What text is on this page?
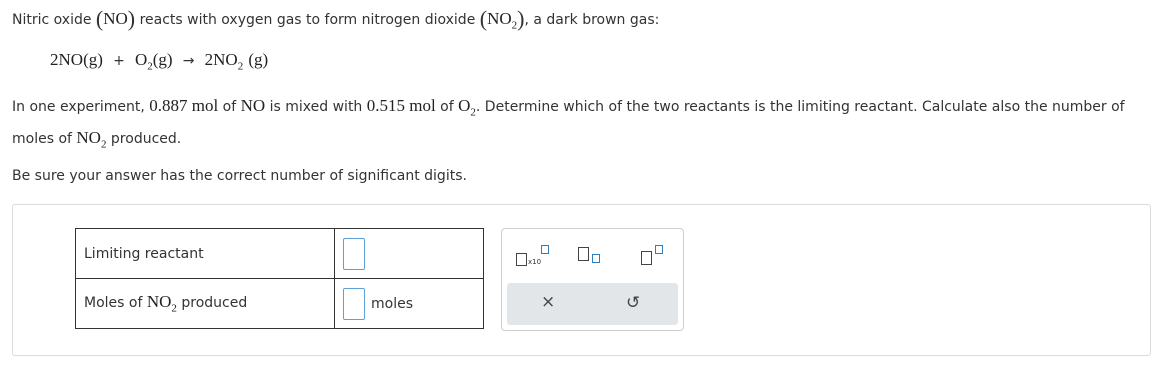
Nitric oxide (NO) reacts with oxygen gas to form nitrogen dioxide $(NO_2)$, a dark brown gas:
$2NO(g) + O_2(g) \to 2NO_2$ (g)
In one experiment, 0.887 mol of NO is mixed with 0.515 mol of $O_2$. Determine which of the two reactants is the limiting reactant. Calculate also the number of
moles of $NO_2$ produced.
Be sure your answer has the correct number of significant digits.
Limiting reactant	
Moles of $NO_2$ produced	moles
x10
×	↺
